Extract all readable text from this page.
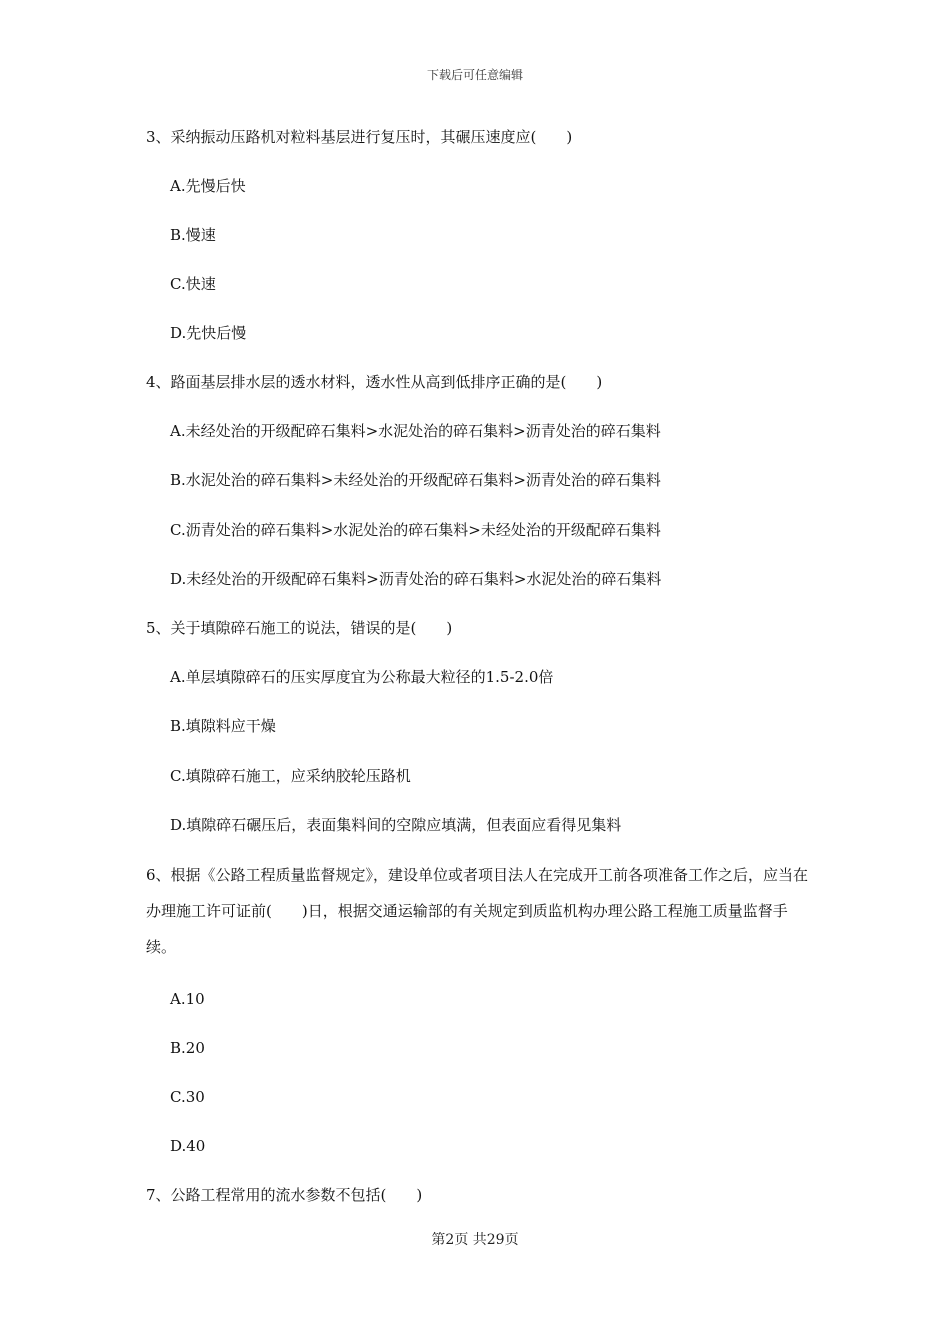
下载后可任意编辑
3、采纳振动压路机对粒料基层进行复压时，其碾压速度应(　　)
A.先慢后快
B.慢速
C.快速
D.先快后慢
4、路面基层排水层的透水材料，透水性从高到低排序正确的是(　　)
A.未经处治的开级配碎石集料>水泥处治的碎石集料>沥青处治的碎石集料
B.水泥处治的碎石集料>未经处治的开级配碎石集料>沥青处治的碎石集料
C.沥青处治的碎石集料>水泥处治的碎石集料>未经处治的开级配碎石集料
D.未经处治的开级配碎石集料>沥青处治的碎石集料>水泥处治的碎石集料
5、关于填隙碎石施工的说法，错误的是(　　)
A.单层填隙碎石的压实厚度宜为公称最大粒径的1.5-2.0倍
B.填隙料应干燥
C.填隙碎石施工，应采纳胶轮压路机
D.填隙碎石碾压后，表面集料间的空隙应填满，但表面应看得见集料
6、根据《公路工程质量监督规定》，建设单位或者项目法人在完成开工前各项准备工作之后，应当在办理施工许可证前(　　)日，根据交通运输部的有关规定到质监机构办理公路工程施工质量监督手续。
A.10
B.20
C.30
D.40
7、公路工程常用的流水参数不包括(　　)
第2页 共29页
